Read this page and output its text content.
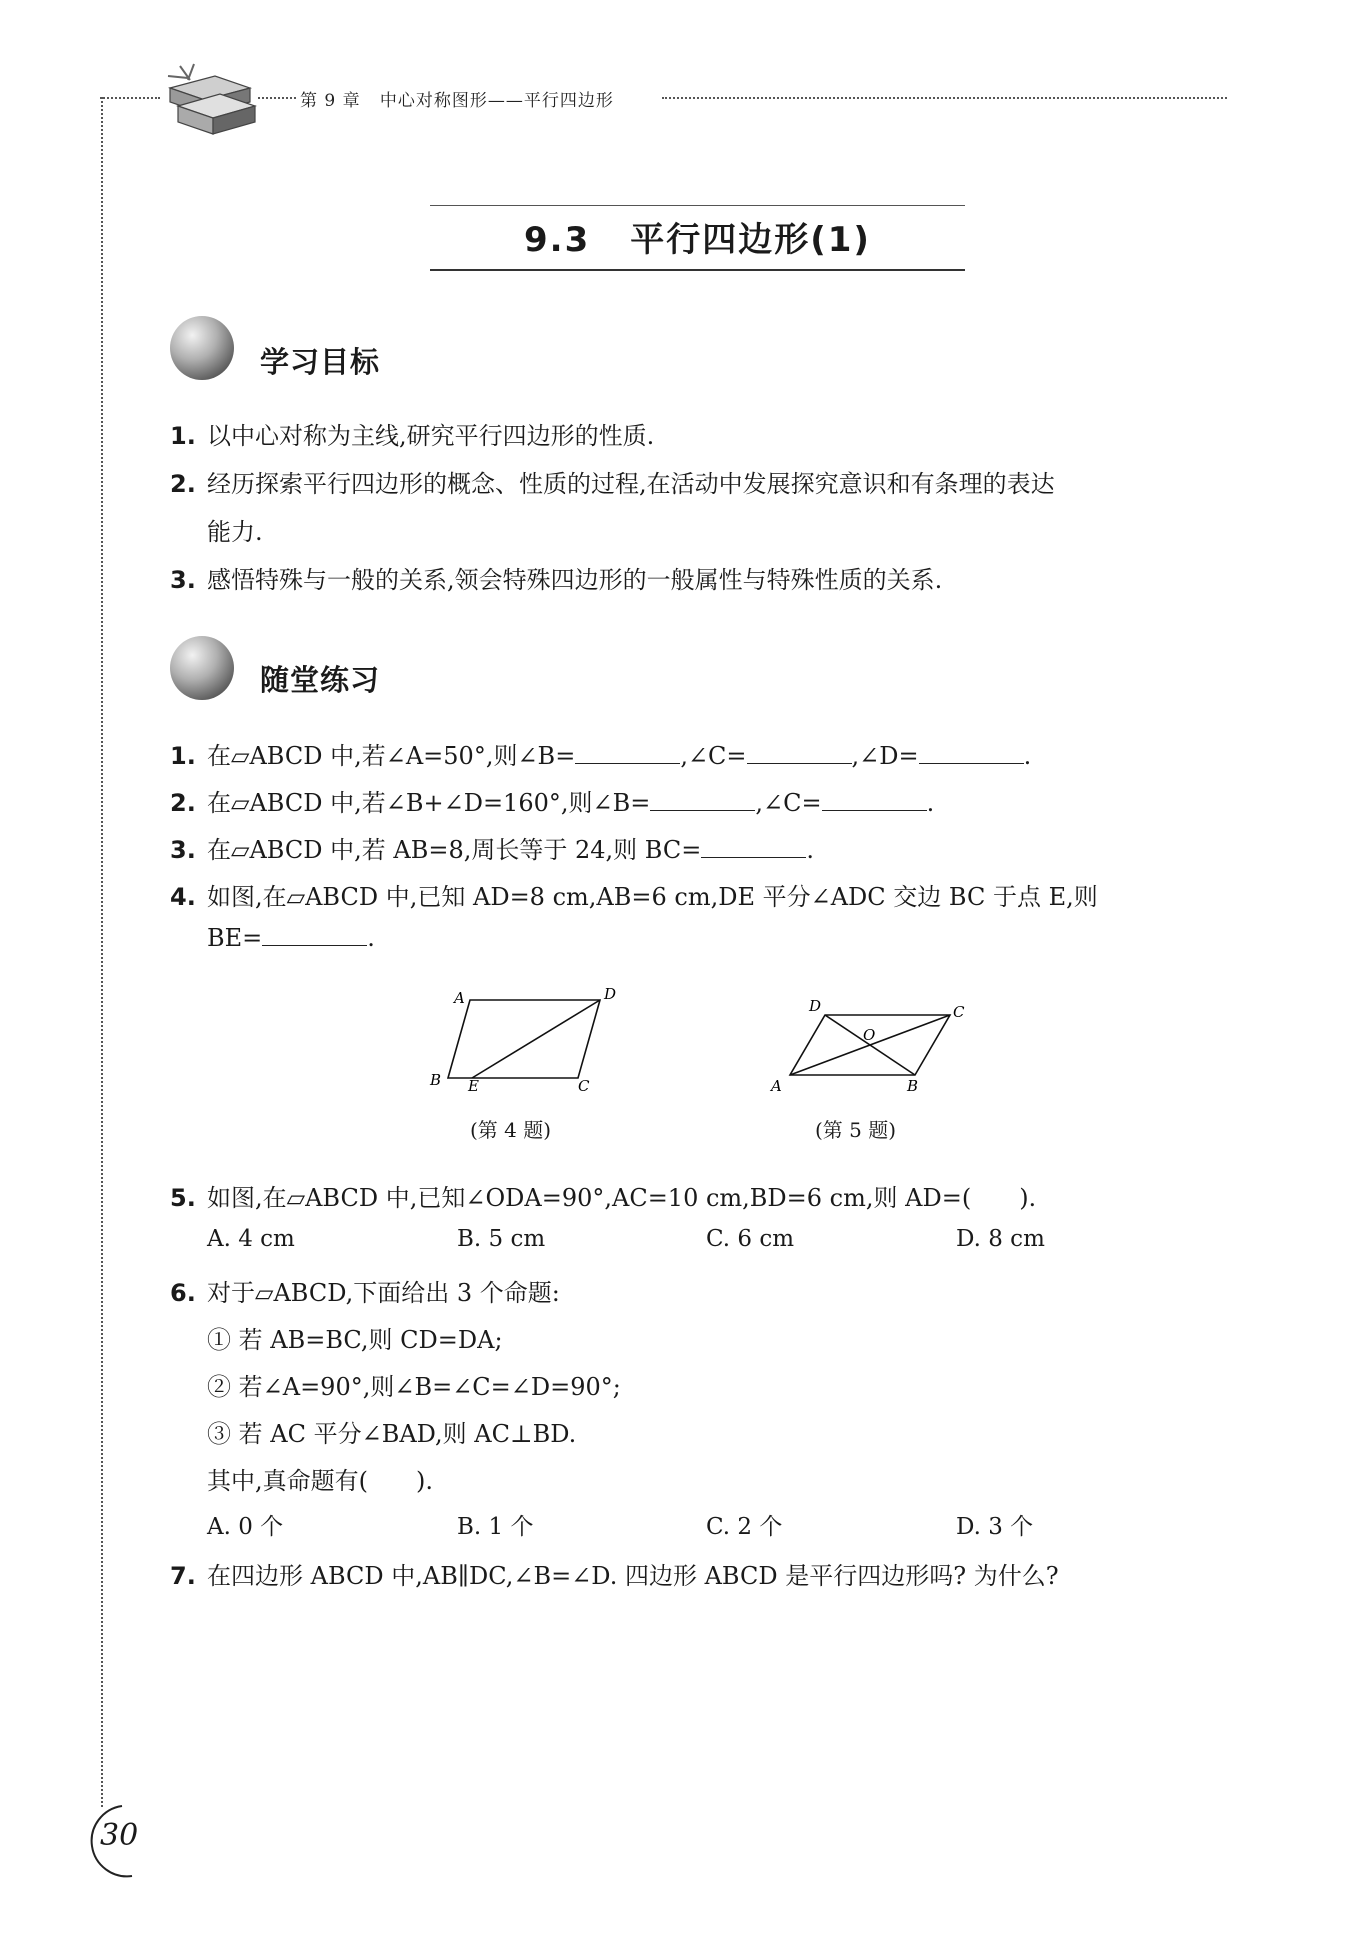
第 9 章 中心对称图形——平行四边形
9.3 平行四边形(1)
学习目标
1. 以中心对称为主线,研究平行四边形的性质.
2. 经历探索平行四边形的概念、性质的过程,在活动中发展探究意识和有条理的表达
能力.
3. 感悟特殊与一般的关系,领会特殊四边形的一般属性与特殊性质的关系.
随堂练习
1. 在▱ABCD 中,若∠A=50°,则∠B=	,∠C=	,∠D=	.
2. 在▱ABCD 中,若∠B+∠D=160°,则∠B=	,∠C=	.
3. 在▱ABCD 中,若 AB=8,周长等于 24,则 BC=	.
4. 如图,在▱ABCD 中,已知 AD=8 cm,AB=6 cm,DE 平分∠ADC 交边 BC 于点 E,则
BE=	.
A	D
B E	C
(第 4 题)
D	C
O
A	B
(第 5 题)
5. 如图,在▱ABCD 中,已知∠ODA=90°,AC=10 cm,BD=6 cm,则 AD=(　　).
A. 4 cm	B. 5 cm	C. 6 cm	D. 8 cm
6. 对于▱ABCD,下面给出 3 个命题:
① 若 AB=BC,则 CD=DA;
② 若∠A=90°,则∠B=∠C=∠D=90°;
③ 若 AC 平分∠BAD,则 AC⊥BD.
其中,真命题有(　　).
A. 0 个	B. 1 个	C. 2 个	D. 3 个
7. 在四边形 ABCD 中,AB∥DC,∠B=∠D. 四边形 ABCD 是平行四边形吗? 为什么?
30
